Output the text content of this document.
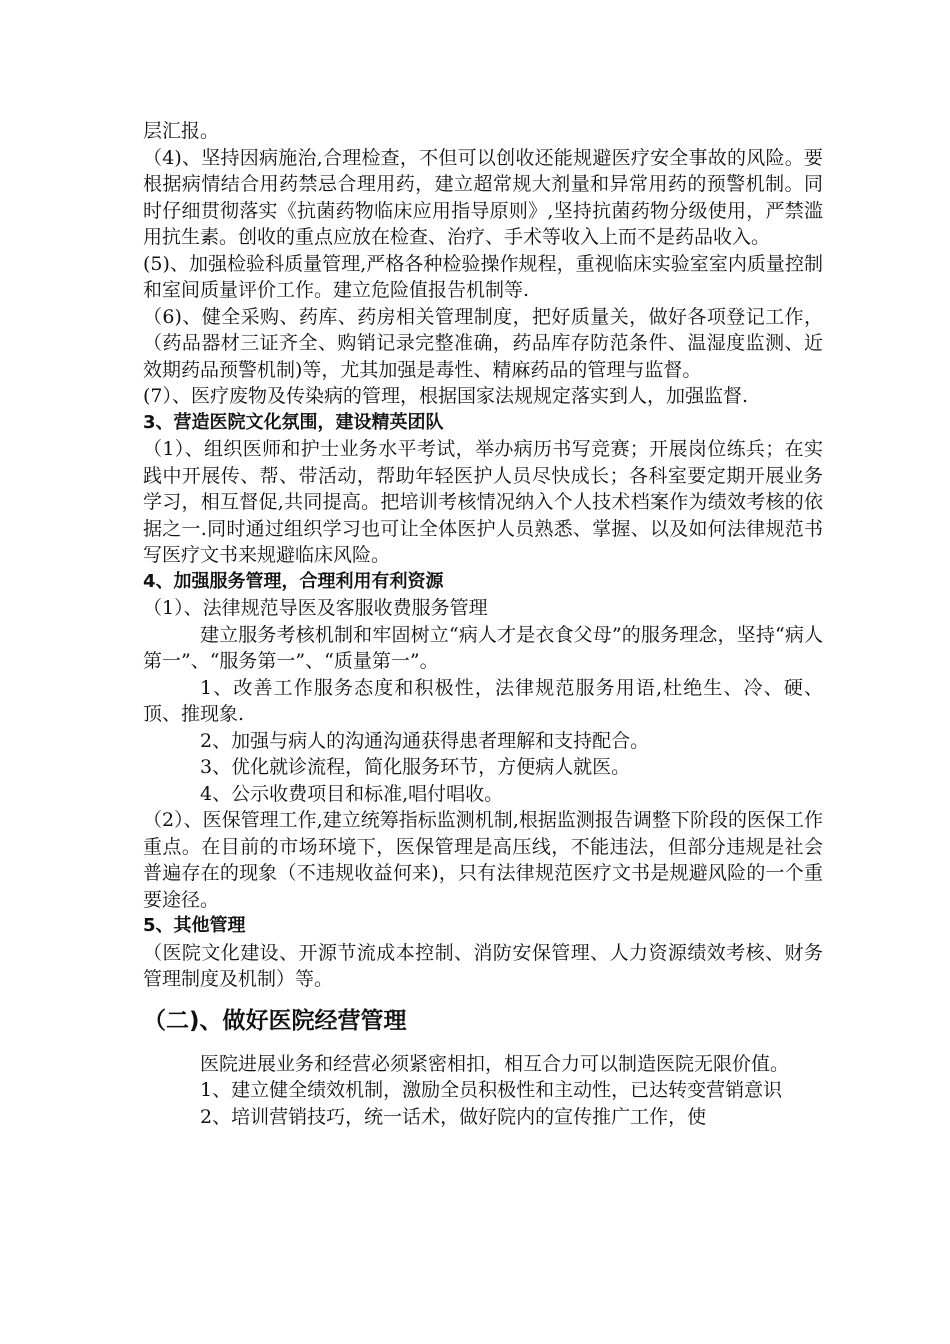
层汇报。

（4)、坚持因病施治,合理检查，不但可以创收还能规避医疗安全事故的风险。要根据病情结合用药禁忌合理用药，建立超常规大剂量和异常用药的预警机制。同时仔细贯彻落实《抗菌药物临床应用指导原则》,坚持抗菌药物分级使用，严禁滥用抗生素。创收的重点应放在检查、治疗、手术等收入上而不是药品收入。

(5)、加强检验科质量管理,严格各种检验操作规程，重视临床实验室室内质量控制和室间质量评价工作。建立危险值报告机制等.

（6)、健全采购、药库、药房相关管理制度，把好质量关，做好各项登记工作，（药品器材三证齐全、购销记录完整准确，药品库存防范条件、温湿度监测、近效期药品预警机制)等，尤其加强是毒性、精麻药品的管理与监督。

(7）、医疗废物及传染病的管理，根据国家法规规定落实到人，加强监督.

3、营造医院文化氛围，建设精英团队

（1）、组织医师和护士业务水平考试，举办病历书写竞赛；开展岗位练兵；在实践中开展传、帮、带活动，帮助年轻医护人员尽快成长；各科室要定期开展业务学习，相互督促,共同提高。把培训考核情况纳入个人技术档案作为绩效考核的依据之一.同时通过组织学习也可让全体医护人员熟悉、掌握、以及如何法律规范书写医疗文书来规避临床风险。

4、加强服务管理，合理利用有利资源

（1）、法律规范导医及客服收费服务管理

建立服务考核机制和牢固树立“病人才是衣食父母”的服务理念，坚持“病人第一”、“服务第一”、“质量第一”。

1、改善工作服务态度和积极性，法律规范服务用语,杜绝生、冷、硬、顶、推现象.

2、加强与病人的沟通沟通获得患者理解和支持配合。

3、优化就诊流程，简化服务环节，方便病人就医。

4、公示收费项目和标准,唱付唱收。

（2）、医保管理工作,建立统筹指标监测机制,根据监测报告调整下阶段的医保工作重点。在目前的市场环境下，医保管理是高压线，不能违法，但部分违规是社会普遍存在的现象（不违规收益何来)，只有法律规范医疗文书是规避风险的一个重要途径。

5、其他管理

（医院文化建设、开源节流成本控制、消防安保管理、人力资源绩效考核、财务管理制度及机制）等。

（二)、做好医院经营管理

医院进展业务和经营必须紧密相扣，相互合力可以制造医院无限价值。

1、建立健全绩效机制，激励全员积极性和主动性，已达转变营销意识

2、培训营销技巧，统一话术，做好院内的宣传推广工作，使
